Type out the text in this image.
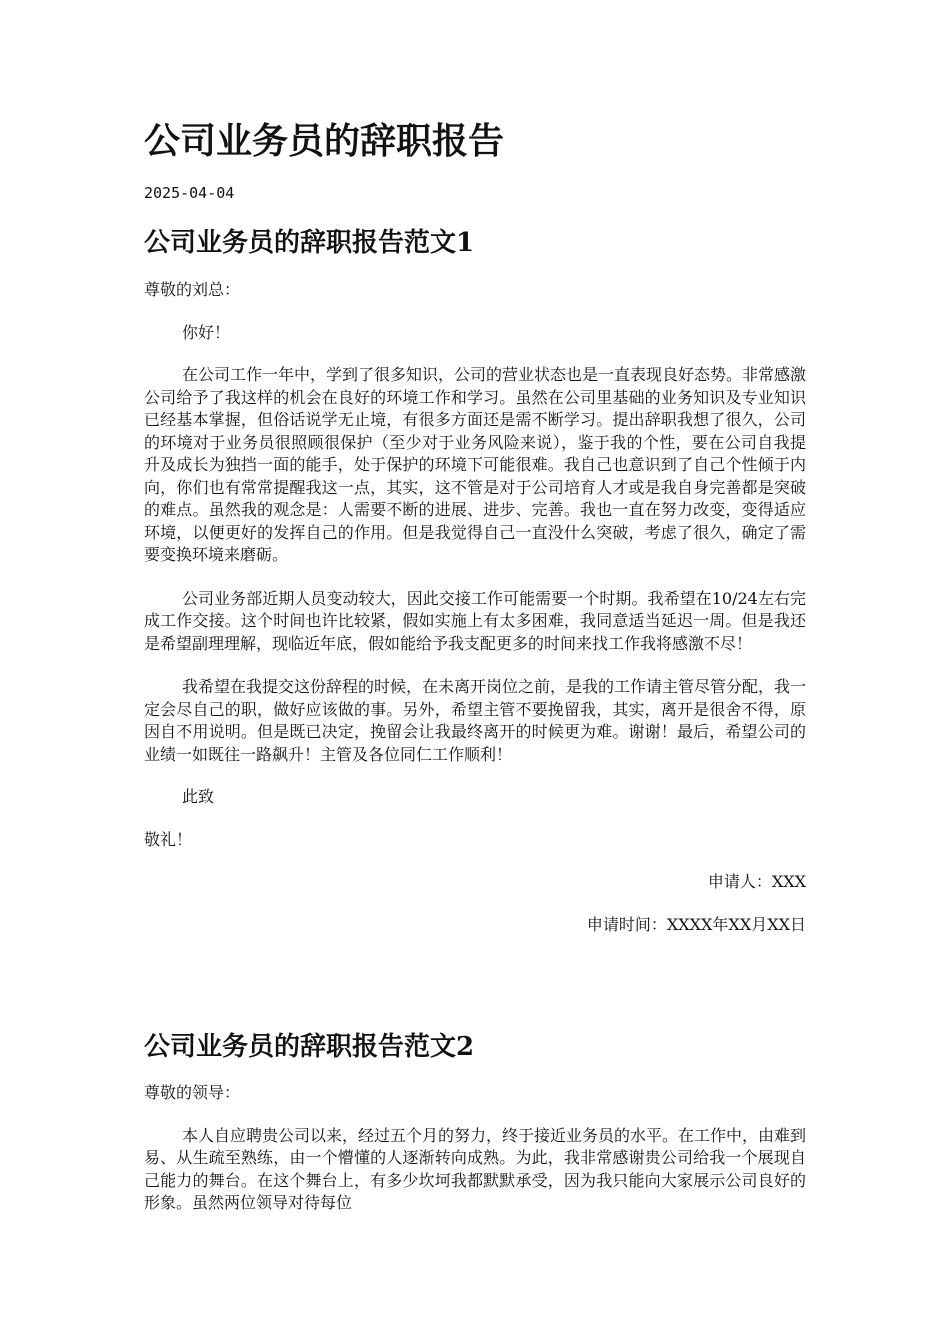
公司业务员的辞职报告
2025-04-04
公司业务员的辞职报告范文1

尊敬的刘总：

你好！

在公司工作一年中，学到了很多知识，公司的营业状态也是一直表现良好态势。非常感激公司给予了我这样的机会在良好的环境工作和学习。虽然在公司里基础的业务知识及专业知识已经基本掌握，但俗话说学无止境，有很多方面还是需不断学习。提出辞职我想了很久，公司的环境对于业务员很照顾很保护（至少对于业务风险来说），鉴于我的个性，要在公司自我提升及成长为独挡一面的能手，处于保护的环境下可能很难。我自己也意识到了自己个性倾于内向，你们也有常常提醒我这一点，其实，这不管是对于公司培育人才或是我自身完善都是突破的难点。虽然我的观念是：人需要不断的进展、进步、完善。我也一直在努力改变，变得适应环境，以便更好的发挥自己的作用。但是我觉得自己一直没什么突破，考虑了很久，确定了需要变换环境来磨砺。

公司业务部近期人员变动较大，因此交接工作可能需要一个时期。我希望在10/24左右完成工作交接。这个时间也许比较紧，假如实施上有太多困难，我同意适当延迟一周。但是我还是希望副理理解，现临近年底，假如能给予我支配更多的时间来找工作我将感激不尽！

我希望在我提交这份辞程的时候，在未离开岗位之前，是我的工作请主管尽管分配，我一定会尽自己的职，做好应该做的事。另外，希望主管不要挽留我，其实，离开是很舍不得，原因自不用说明。但是既已决定，挽留会让我最终离开的时候更为难。谢谢！最后，希望公司的业绩一如既往一路飙升！主管及各位同仁工作顺利！

此致

敬礼！

申请人：XXX

申请时间：XXXX年XX月XX日

公司业务员的辞职报告范文2

尊敬的领导：

本人自应聘贵公司以来，经过五个月的努力，终于接近业务员的水平。在工作中，由难到易、从生疏至熟练，由一个懵懂的人逐渐转向成熟。为此，我非常感谢贵公司给我一个展现自己能力的舞台。在这个舞台上，有多少坎坷我都默默承受，因为我只能向大家展示公司良好的形象。虽然两位领导对待每位
